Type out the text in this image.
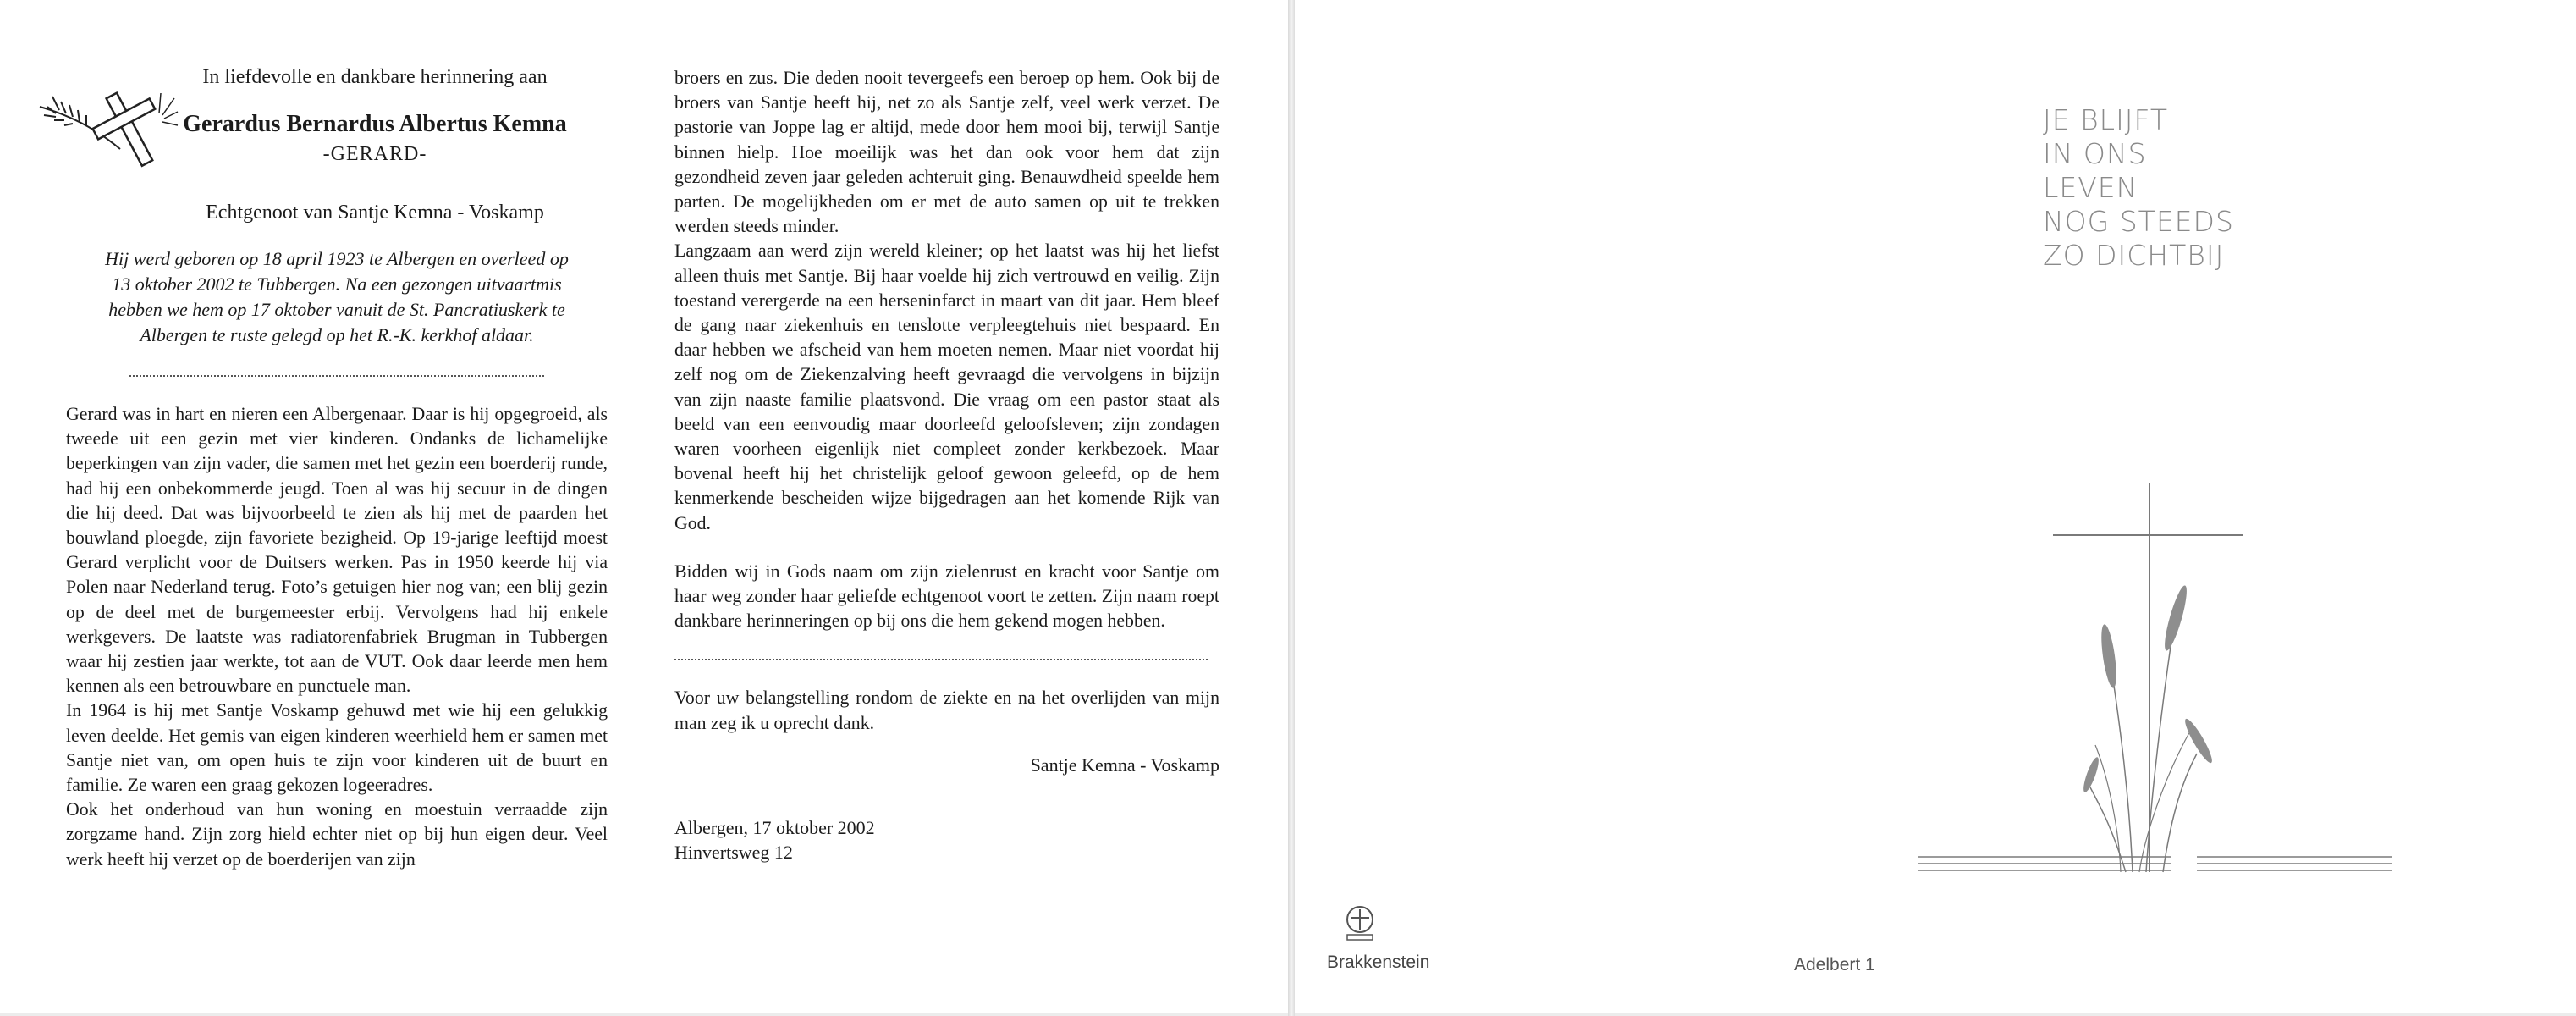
In liefdevolle en dankbare herinnering aan
Gerardus Bernardus Albertus Kemna
-GERARD-
Echtgenoot van Santje Kemna - Voskamp
Hij werd geboren op 18 april 1923 te Albergen en overleed op
13 oktober 2002 te Tubbergen. Na een gezongen uitvaartmis
hebben we hem op 17 oktober vanuit de St. Pancratiuskerk te
Albergen te ruste gelegd op het R.-K. kerkhof aldaar.

Gerard was in hart en nieren een Albergenaar. Daar is hij opgegroeid, als tweede uit een gezin met vier kinderen. Ondanks de lichamelijke beperkingen van zijn vader, die samen met het gezin een boerderij runde, had hij een onbekommerde jeugd. Toen al was hij secuur in de dingen die hij deed. Dat was bijvoorbeeld te zien als hij met de paarden het bouwland ploegde, zijn favoriete bezigheid. Op 19-jarige leeftijd moest Gerard verplicht voor de Duitsers werken. Pas in 1950 keerde hij via Polen naar Nederland terug. Foto’s getuigen hier nog van; een blij gezin op de deel met de burgemeester erbij. Vervolgens had hij enkele werkgevers. De laatste was radiatorenfabriek Brugman in Tubbergen waar hij zestien jaar werkte, tot aan de VUT. Ook daar leerde men hem kennen als een betrouwbare en punctuele man.

In 1964 is hij met Santje Voskamp gehuwd met wie hij een gelukkig leven deelde. Het gemis van eigen kinderen weerhield hem er samen met Santje niet van, om open huis te zijn voor kinderen uit de buurt en familie. Ze waren een graag gekozen logeeradres.

Ook het onderhoud van hun woning en moestuin verraadde zijn zorgzame hand. Zijn zorg hield echter niet op bij hun eigen deur. Veel werk heeft hij verzet op de boerderijen van zijn

broers en zus. Die deden nooit tevergeefs een beroep op hem. Ook bij de broers van Santje heeft hij, net zo als Santje zelf, veel werk verzet. De pastorie van Joppe lag er altijd, mede door hem mooi bij, terwijl Santje binnen hielp. Hoe moeilijk was het dan ook voor hem dat zijn gezondheid zeven jaar geleden achteruit ging. Benauwdheid speelde hem parten. De mogelijkheden om er met de auto samen op uit te trekken werden steeds minder.

Langzaam aan werd zijn wereld kleiner; op het laatst was hij het liefst alleen thuis met Santje. Bij haar voelde hij zich vertrouwd en veilig. Zijn toestand verergerde na een herseninfarct in maart van dit jaar. Hem bleef de gang naar ziekenhuis en tenslotte verpleegtehuis niet bespaard. En daar hebben we afscheid van hem moeten nemen. Maar niet voordat hij zelf nog om de Ziekenzalving heeft gevraagd die vervolgens in bijzijn van zijn naaste familie plaatsvond. Die vraag om een pastor staat als beeld van een eenvoudig maar doorleefd geloofsleven; zijn zondagen waren voorheen eigenlijk niet compleet zonder kerkbezoek. Maar bovenal heeft hij het christelijk geloof gewoon geleefd, op de hem kenmerkende bescheiden wijze bijgedragen aan het komende Rijk van God.

Bidden wij in Gods naam om zijn zielenrust en kracht voor Santje om haar weg zonder haar geliefde echtgenoot voort te zetten. Zijn naam roept dankbare herinneringen op bij ons die hem gekend mogen hebben.

Voor uw belangstelling rondom de ziekte en na het overlijden van mijn man zeg ik u oprecht dank.
Santje Kemna - Voskamp
Albergen, 17 oktober 2002
Hinvertsweg 12
JE BLIJFT
IN ONS
LEVEN
NOG STEEDS
ZO DICHTBIJ
Brakkenstein	Adelbert 1
